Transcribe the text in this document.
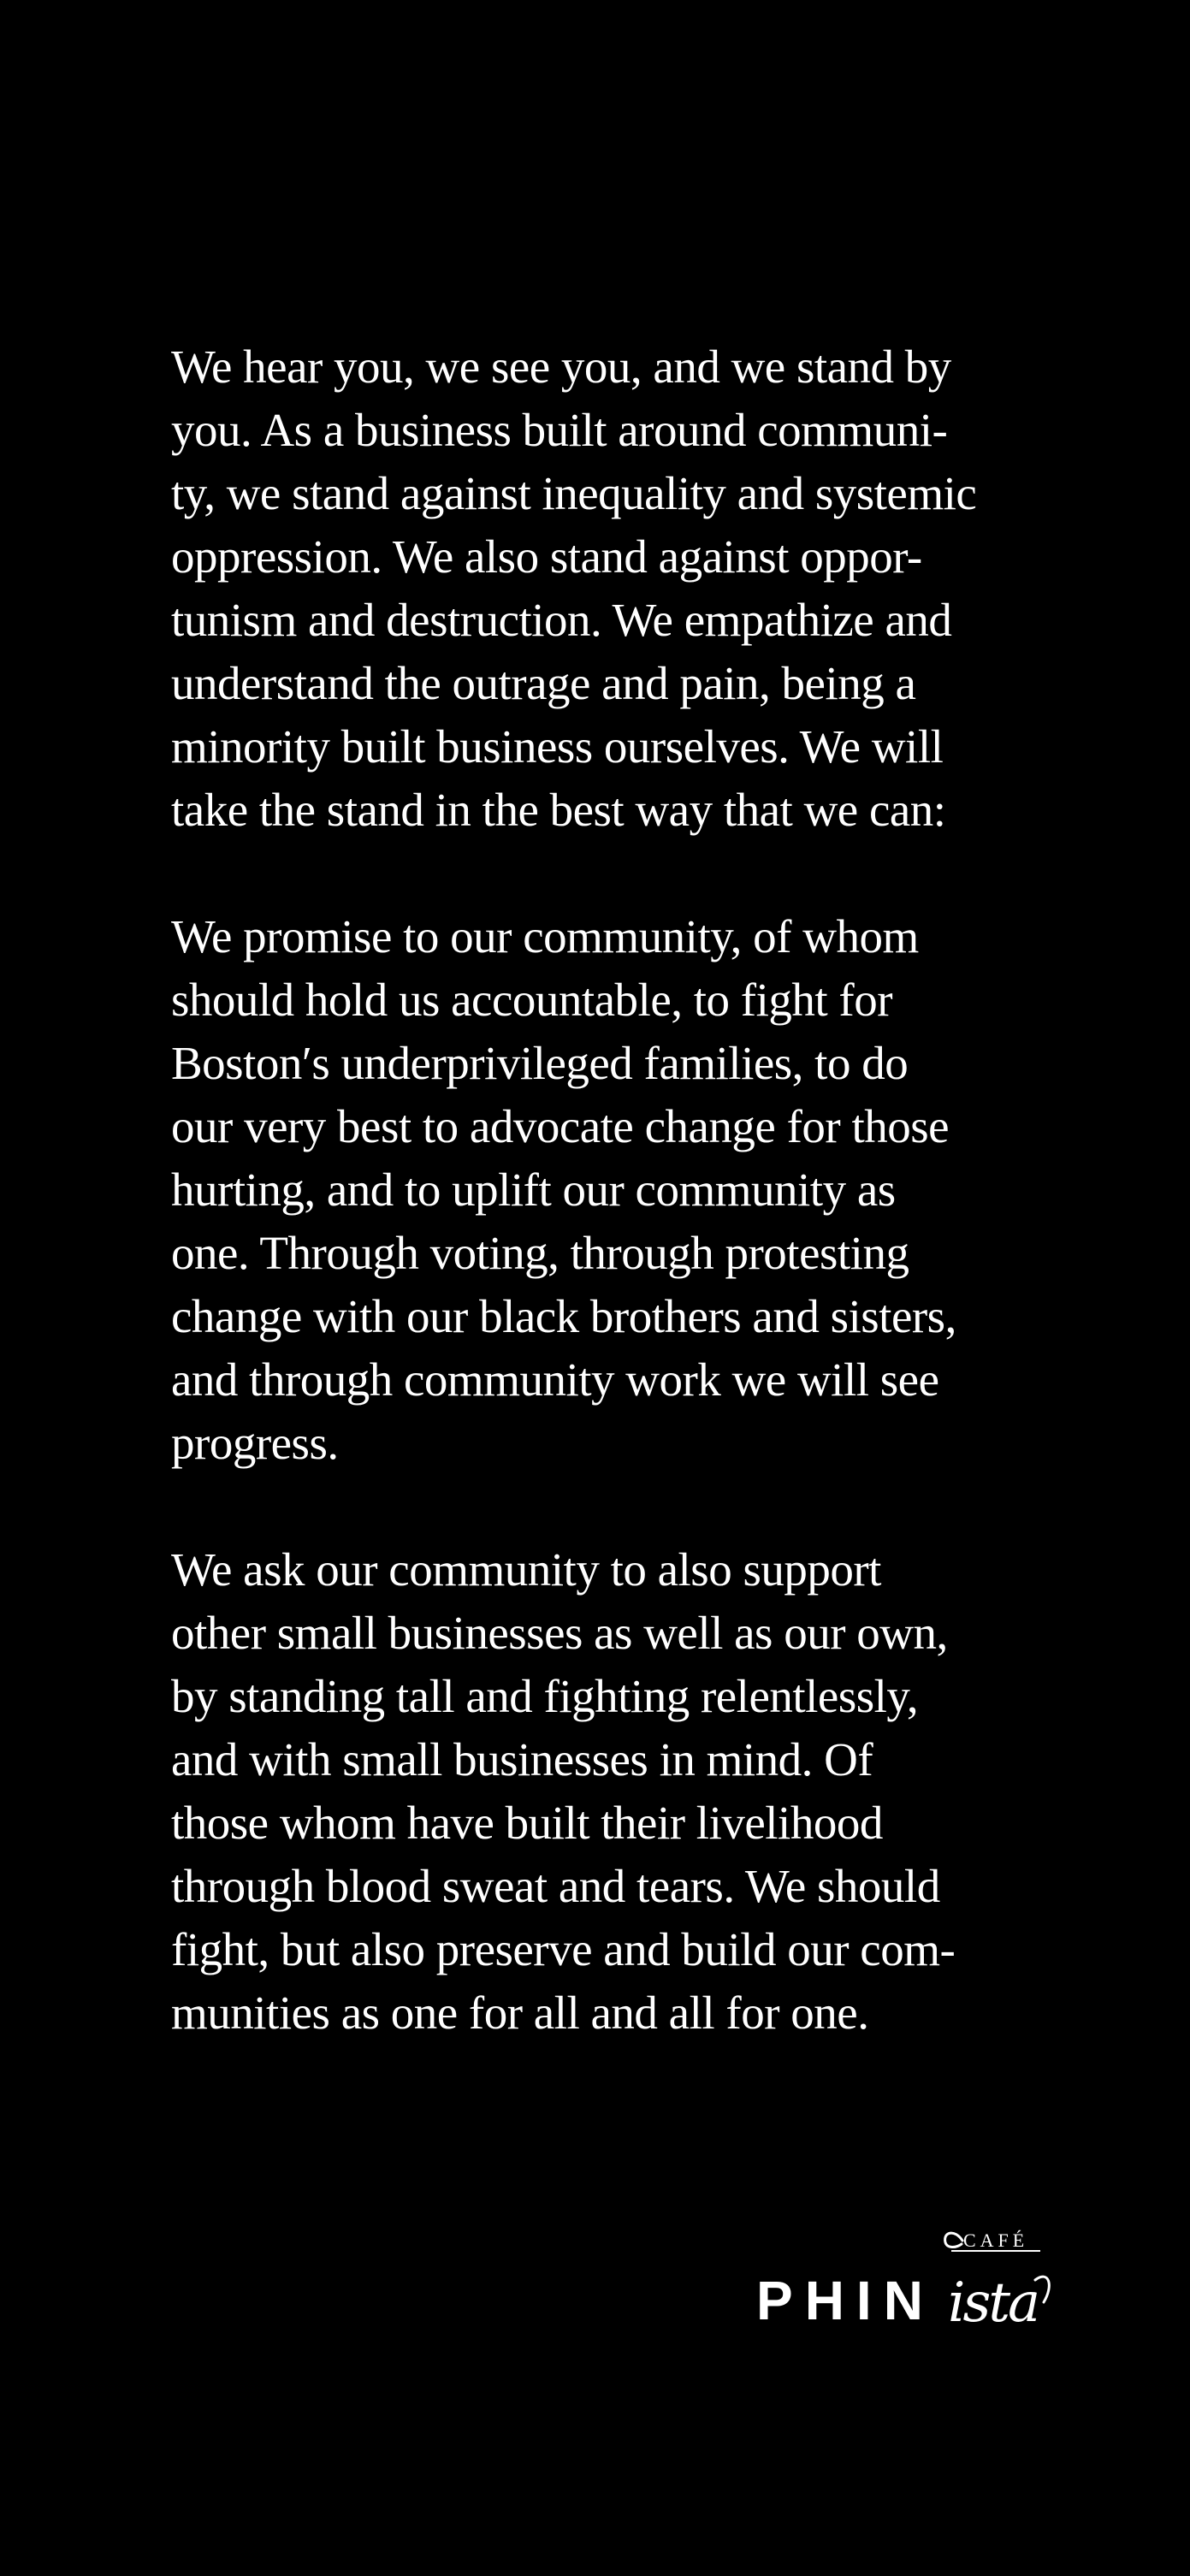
We hear you, we see you, and we stand by
you. As a business built around communi-
ty, we stand against inequality and systemic
oppression. We also stand against oppor-
tunism and destruction. We empathize and
understand the outrage and pain, being a
minority built business ourselves. We will
take the stand in the best way that we can:

We promise to our community, of whom
should hold us accountable, to fight for
Boston′s underprivileged families, to do
our very best to advocate change for those
hurting, and to uplift our community as
one. Through voting, through protesting
change with our black brothers and sisters,
and through community work we will see
progress.

We ask our community to also support
other small businesses as well as our own,
by standing tall and fighting relentlessly,
and with small businesses in mind. Of
those whom have built their livelihood
through blood sweat and tears. We should
fight, but also preserve and build our com-
munities as one for all and all for one.

CAFÉ
PHIN ista
